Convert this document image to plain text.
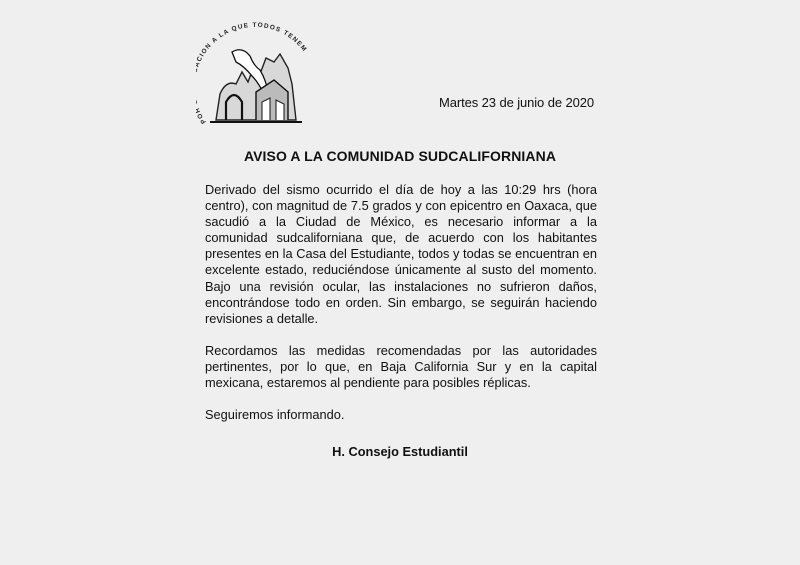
PO CION A LA QUE TODOS TENEM
Martes 23 de junio de 2020
AVISO A LA COMUNIDAD SUDCALIFORNIANA

Derivado del sismo ocurrido el día de hoy a las 10:29 hrs (hora centro), con magnitud de 7.5 grados y con epicentro en Oaxaca, que sacudió a la Ciudad de México, es necesario informar a la comunidad sudcaliforniana que, de acuerdo con los habitantes presentes en la Casa del Estudiante, todos y todas se encuentran en excelente estado, reduciéndose únicamente al susto del momento. Bajo una revisión ocular, las instalaciones no sufrieron daños, encontrándose todo en orden. Sin embargo, se seguirán haciendo revisiones a detalle.

Recordamos las medidas recomendadas por las autoridades pertinentes, por lo que, en Baja California Sur y en la capital mexicana, estaremos al pendiente para posibles réplicas.

Seguiremos informando.

H. Consejo Estudiantil
